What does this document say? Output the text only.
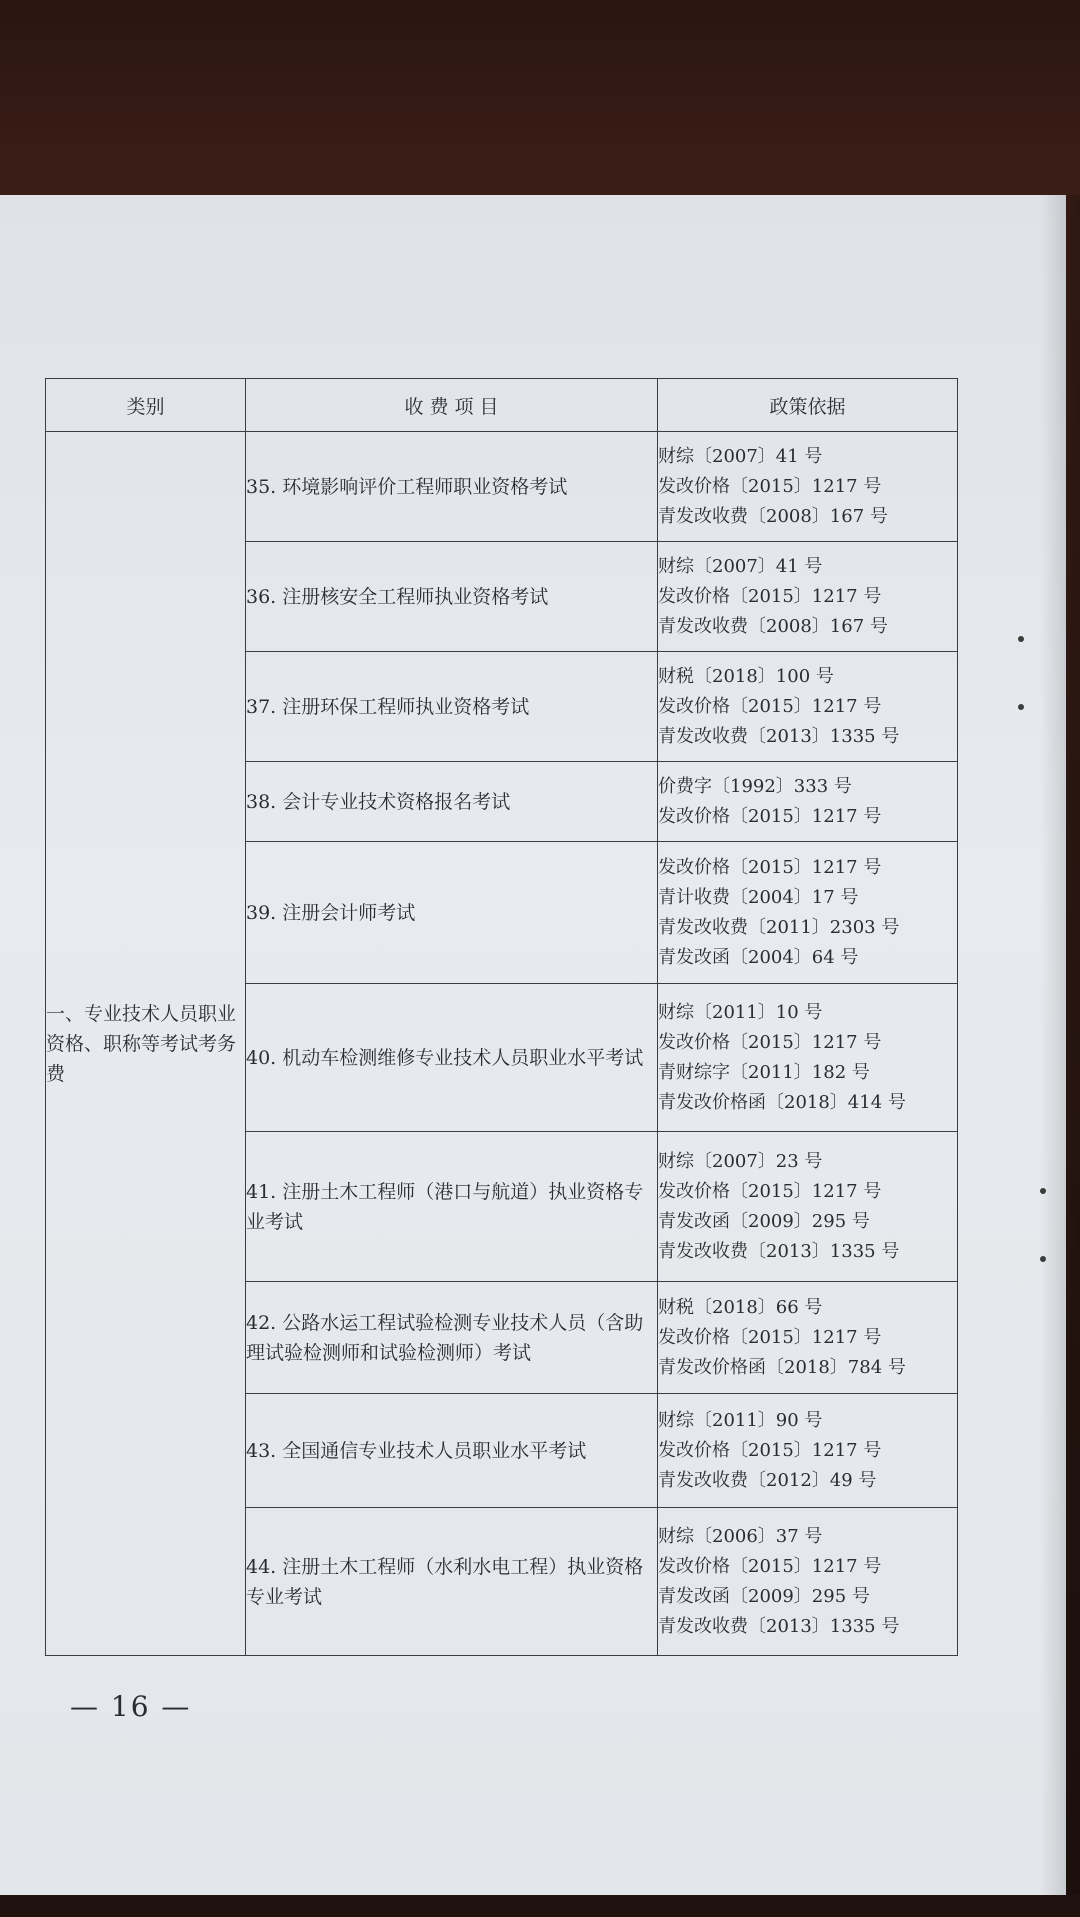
类别	收 费 项 目	政策依据
一、专业技术人员职业资格、职称等考试考务费	35. 环境影响评价工程师职业资格考试	财综〔2007〕41 号
发改价格〔2015〕1217 号
青发改收费〔2008〕167 号

	36. 注册核安全工程师执业资格考试	财综〔2007〕41 号
发改价格〔2015〕1217 号
青发改收费〔2008〕167 号

	37. 注册环保工程师执业资格考试	财税〔2018〕100 号
发改价格〔2015〕1217 号
青发改收费〔2013〕1335 号

	38. 会计专业技术资格报名考试	价费字〔1992〕333 号
发改价格〔2015〕1217 号

	39. 注册会计师考试	发改价格〔2015〕1217 号
青计收费〔2004〕17 号
青发改收费〔2011〕2303 号
青发改函〔2004〕64 号

	40. 机动车检测维修专业技术人员职业水平考试	财综〔2011〕10 号
发改价格〔2015〕1217 号
青财综字〔2011〕182 号
青发改价格函〔2018〕414 号

	41. 注册土木工程师（港口与航道）执业资格专业考试	财综〔2007〕23 号
发改价格〔2015〕1217 号
青发改函〔2009〕295 号
青发改收费〔2013〕1335 号

	42. 公路水运工程试验检测专业技术人员（含助理试验检测师和试验检测师）考试	财税〔2018〕66 号
发改价格〔2015〕1217 号
青发改价格函〔2018〕784 号

	43. 全国通信专业技术人员职业水平考试	财综〔2011〕90 号
发改价格〔2015〕1217 号
青发改收费〔2012〕49 号

	44. 注册土木工程师（水利水电工程）执业资格专业考试	财综〔2006〕37 号
发改价格〔2015〕1217 号
青发改函〔2009〕295 号
青发改收费〔2013〕1335 号
— 16 —
